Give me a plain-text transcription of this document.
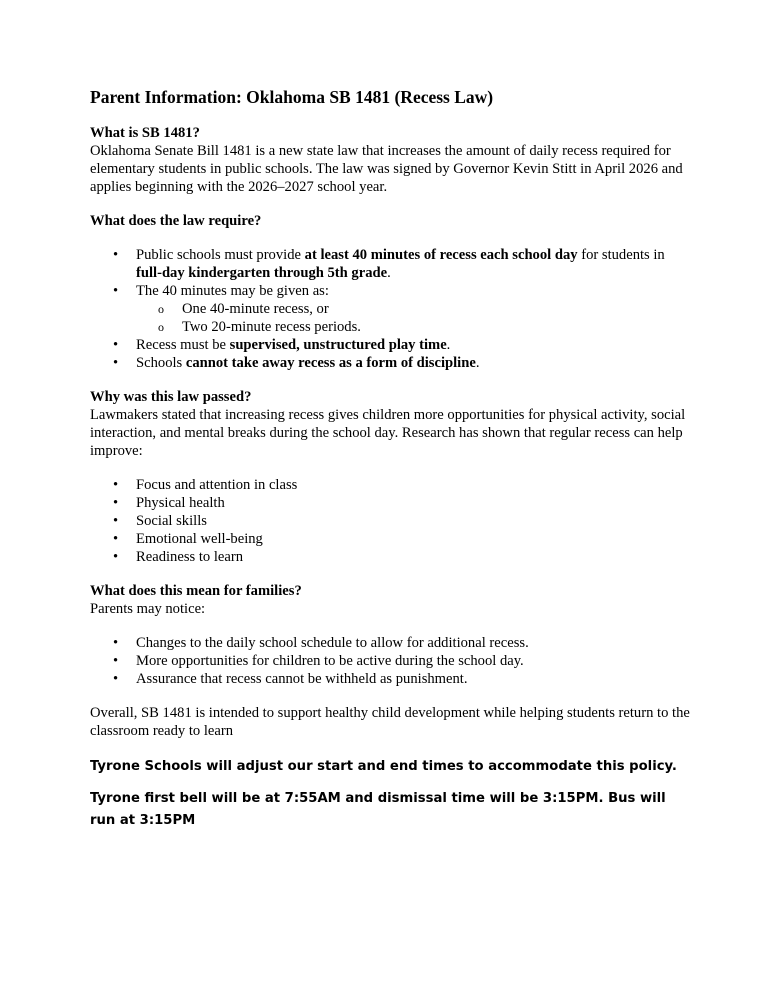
Parent Information: Oklahoma SB 1481 (Recess Law)

What is SB 1481?

Oklahoma Senate Bill 1481 is a new state law that increases the amount of daily recess required for elementary students in public schools. The law was signed by Governor Kevin Stitt in April 2026 and applies beginning with the 2026–2027 school year.

What does the law require?

• Public schools must provide at least 40 minutes of recess each school day for students in full-day kindergarten through 5th grade.
• The 40 minutes may be given as:
o One 40-minute recess, or
o Two 20-minute recess periods.
• Recess must be supervised, unstructured play time.
• Schools cannot take away recess as a form of discipline.

Why was this law passed?

Lawmakers stated that increasing recess gives children more opportunities for physical activity, social interaction, and mental breaks during the school day. Research has shown that regular recess can help improve:

• Focus and attention in class
• Physical health
• Social skills
• Emotional well-being
• Readiness to learn

What does this mean for families?

Parents may notice:

• Changes to the daily school schedule to allow for additional recess.
• More opportunities for children to be active during the school day.
• Assurance that recess cannot be withheld as punishment.

Overall, SB 1481 is intended to support healthy child development while helping students return to the classroom ready to learn

Tyrone Schools will adjust our start and end times to accommodate this policy.

Tyrone first bell will be at 7:55AM and dismissal time will be 3:15PM. Bus will run at 3:15PM
